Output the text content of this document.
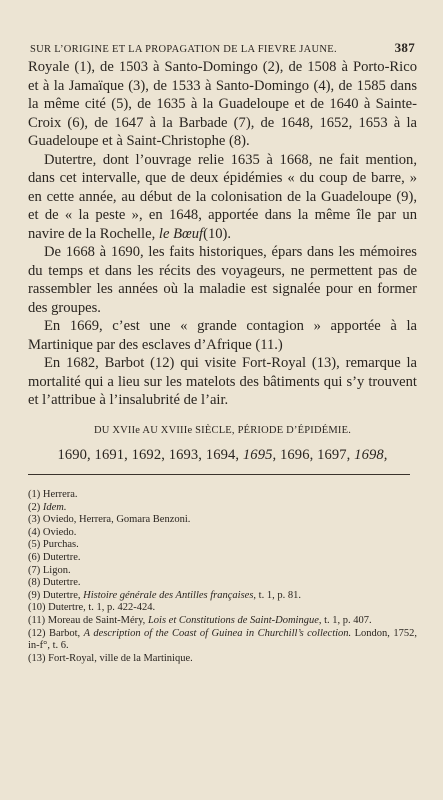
SUR L’ORIGINE ET LA PROPAGATION DE LA FIEVRE JAUNE.	387

Royale (1), de 1503 à Santo-Domingo (2), de 1508 à Porto-Rico et à la Jamaïque (3), de 1533 à Santo-Domingo (4), de 1585 dans la même cité (5), de 1635 à la Guadeloupe et de 1640 à Sainte-Croix (6), de 1647 à la Barbade (7), de 1648, 1652, 1653 à la Guadeloupe et à Saint-Christophe (8).

Dutertre, dont l’ouvrage relie 1635 à 1668, ne fait mention, dans cet intervalle, que de deux épidémies « du coup de barre, » en cette année, au début de la colonisation de la Guadeloupe (9), et de « la peste », en 1648, apportée dans la même île par un navire de la Rochelle, le Bœuf(10).

De 1668 à 1690, les faits historiques, épars dans les mémoires du temps et dans les récits des voyageurs, ne permettent pas de rassembler les années où la maladie est signalée pour en former des groupes.

En 1669, c’est une « grande contagion » apportée à la Martinique par des esclaves d’Afrique (11.)

En 1682, Barbot (12) qui visite Fort-Royal (13), remarque la mortalité qui a lieu sur les matelots des bâtiments qui s’y trouvent et l’attribue à l’insalubrité de l’air.

DU XVIIe AU XVIIIe SIÈCLE, PÉRIODE D’ÉPIDÉMIE.
1690, 1691, 1692, 1693, 1694, 1695, 1696, 1697, 1698,
(1) Herrera.
(2) Idem.
(3) Oviedo, Herrera, Gomara Benzoni.
(4) Oviedo.
(5) Purchas.
(6) Dutertre.
(7) Ligon.
(8) Dutertre.
(9) Dutertre, Histoire générale des Antilles françaises, t. 1, p. 81.
(10) Dutertre, t. 1, p. 422-424.
(11) Moreau de Saint-Méry, Lois et Constitutions de Saint-Domingue, t. 1, p. 407.
(12) Barbot, A description of the Coast of Guinea in Churchill’s collection. London, 1752, in-f°, t. 6.
(13) Fort-Royal, ville de la Martinique.
